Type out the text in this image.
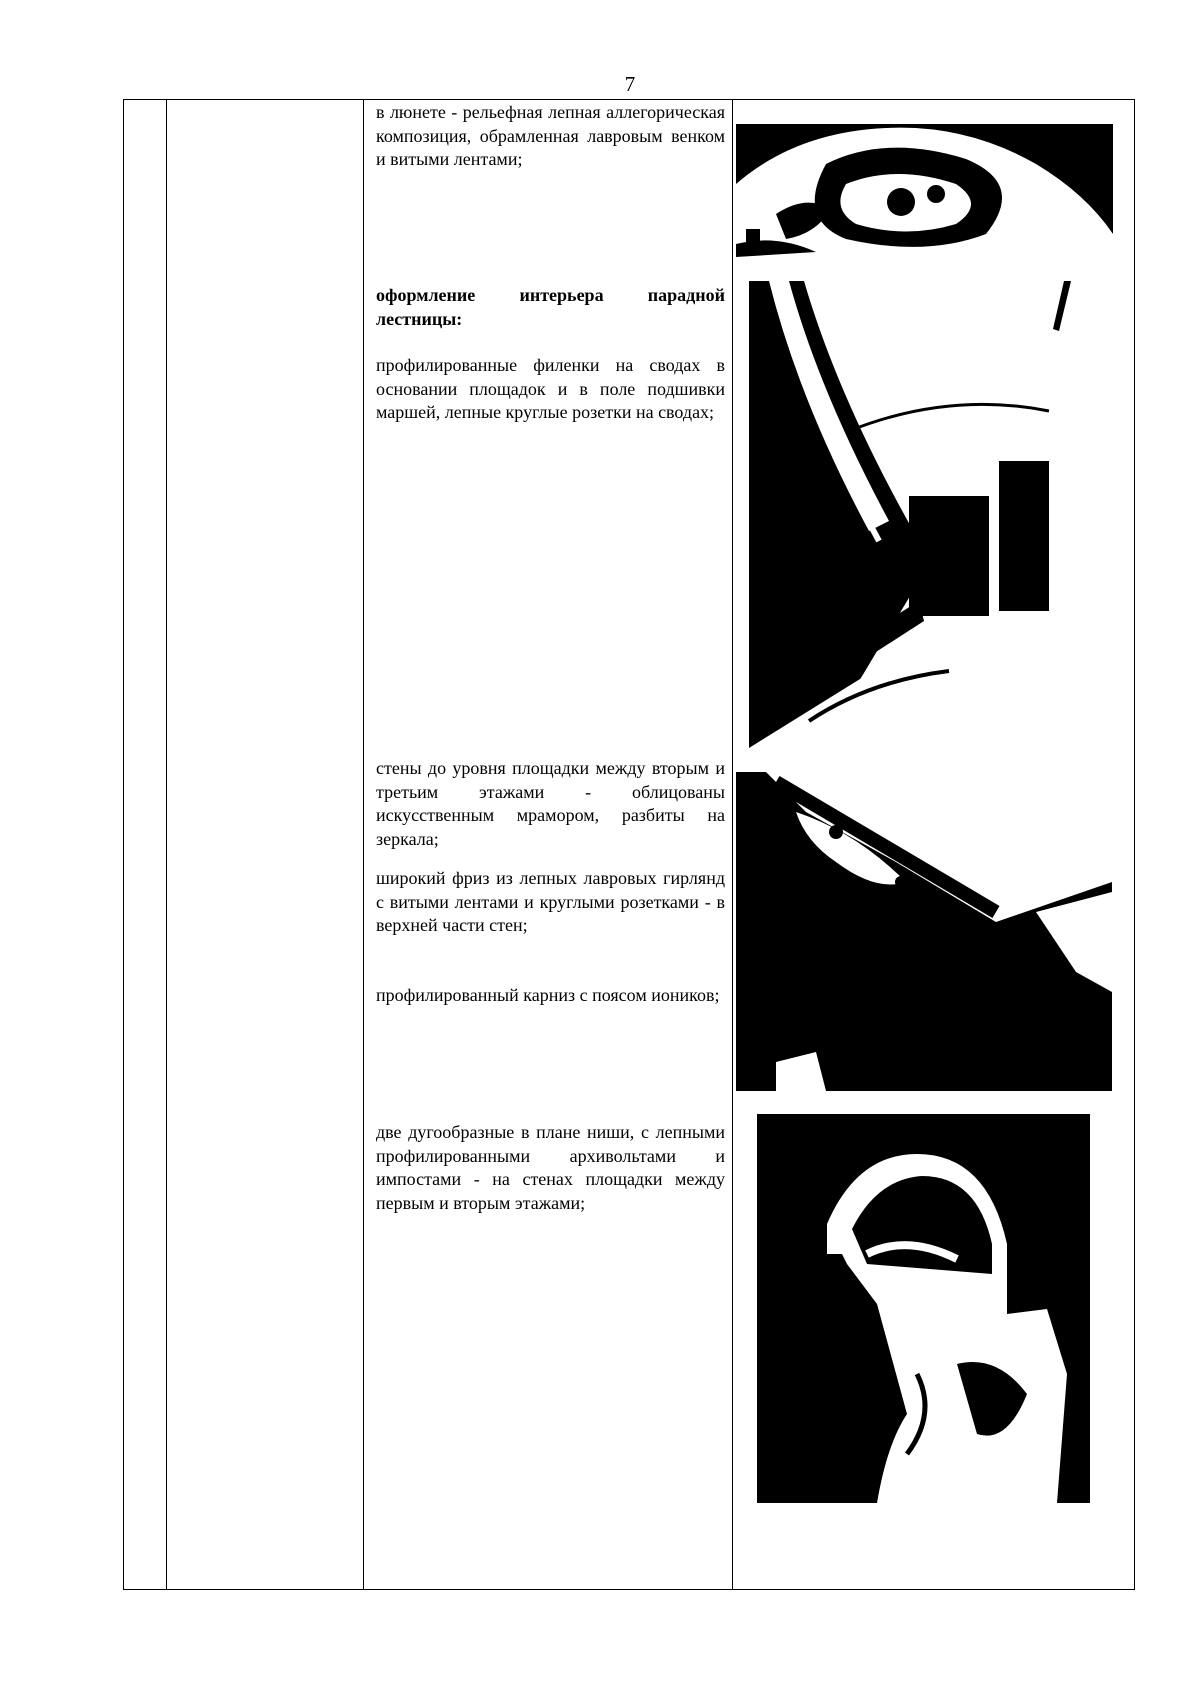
7
в люнете - рельефная лепная аллегорическая композиция, обрамленная лавровым венком и витыми лентами;
оформление интерьера парадной лестницы:
профилированные филенки на сводах в основании площадок и в поле подшивки маршей, лепные круглые розетки на сводах;
стены до уровня площадки между вторым и третьим этажами - облицованы искусственным мрамором, разбиты на зеркала;
широкий фриз из лепных лавровых гирлянд с витыми лентами и круглыми розетками - в верхней части стен;
профилированный карниз с поясом иоников;
две дугообразные в плане ниши, с лепными профилированными архивольтами и импостами - на стенах площадки между первым и вторым этажами;
